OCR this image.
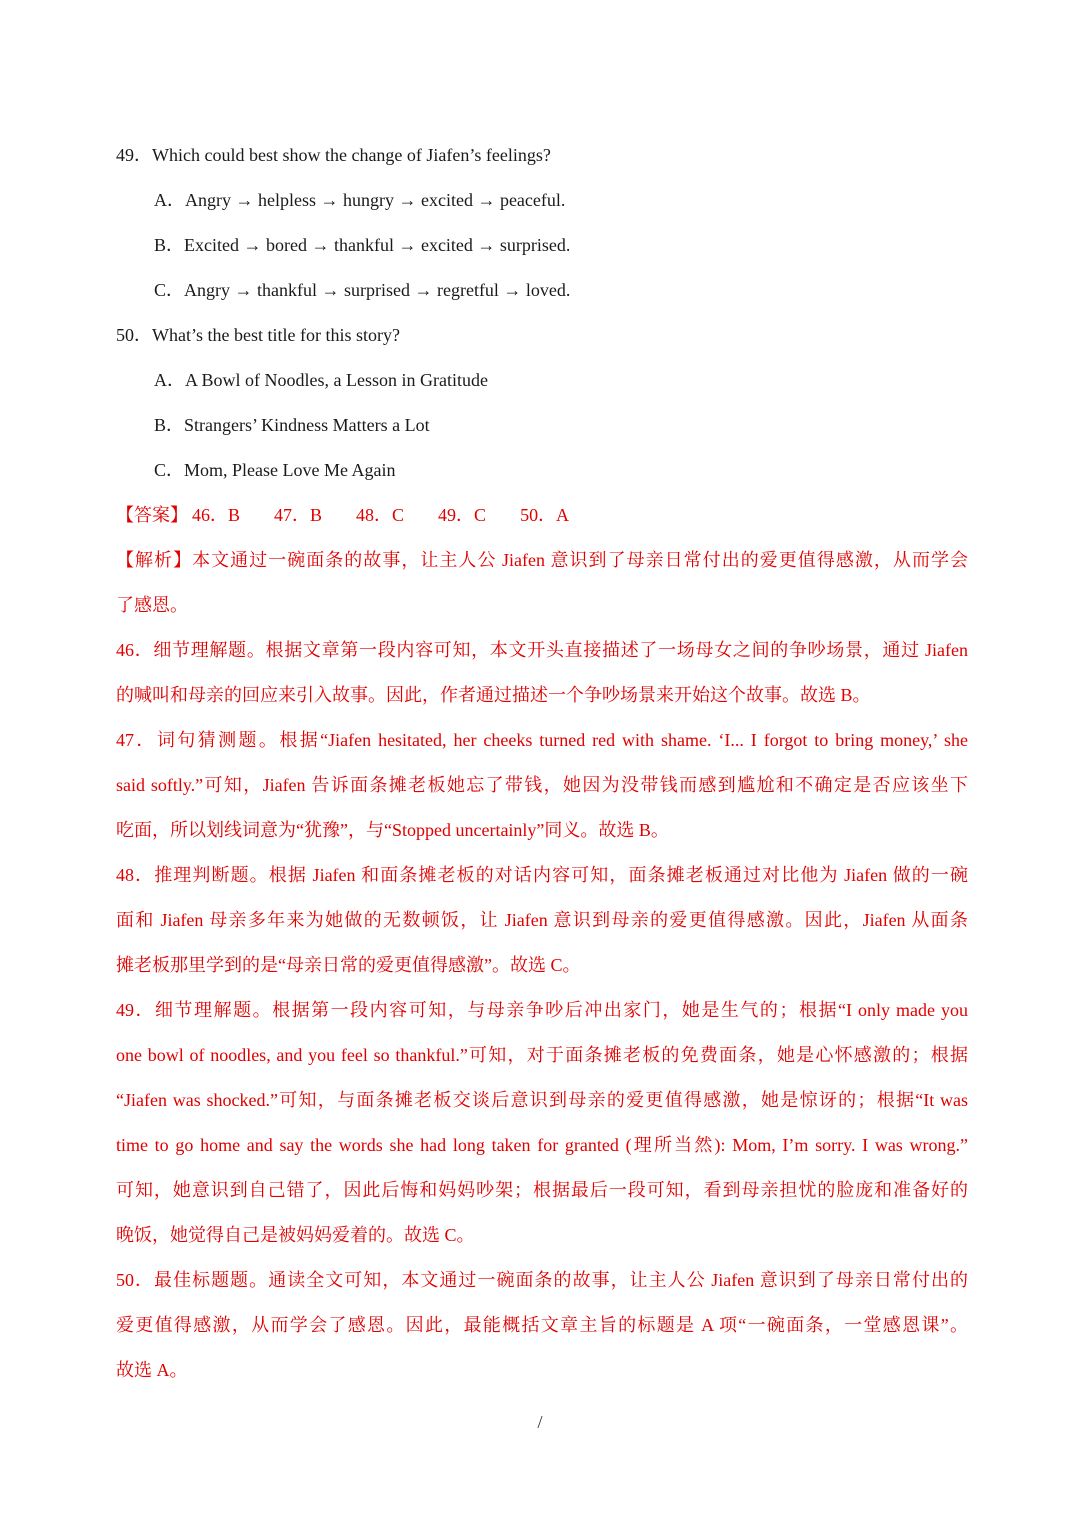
49．Which could best show the change of Jiafen’s feelings?
A．Angry → helpless → hungry → excited → peaceful.
B．Excited → bored → thankful → excited → surprised.
C．Angry → thankful → surprised → regretful → loved.
50．What’s the best title for this story?
A．A Bowl of Noodles, a Lesson in Gratitude
B．Strangers’ Kindness Matters a Lot
C．Mom, Please Love Me Again
【答案】 46．B 47．B 48．C 49．C 50．A
【解析】本文通过一碗面条的故事，让主人公 Jiafen 意识到了母亲日常付出的爱更值得感激，从而学会
了感恩。
46．细节理解题。根据文章第一段内容可知，本文开头直接描述了一场母女之间的争吵场景，通过 Jiafen
的喊叫和母亲的回应来引入故事。因此，作者通过描述一个争吵场景来开始这个故事。故选 B。
47．词句猜测题。根据“Jiafen hesitated, her cheeks turned red with shame. ‘I... I forgot to bring money,’ she
said softly.”可知，Jiafen 告诉面条摊老板她忘了带钱，她因为没带钱而感到尴尬和不确定是否应该坐下
吃面，所以划线词意为“犹豫”，与“Stopped uncertainly”同义。故选 B。
48．推理判断题。根据 Jiafen 和面条摊老板的对话内容可知，面条摊老板通过对比他为 Jiafen 做的一碗
面和 Jiafen 母亲多年来为她做的无数顿饭，让 Jiafen 意识到母亲的爱更值得感激。因此，Jiafen 从面条
摊老板那里学到的是“母亲日常的爱更值得感激”。故选 C。
49．细节理解题。根据第一段内容可知，与母亲争吵后冲出家门，她是生气的；根据“I only made you
one bowl of noodles, and you feel so thankful.”可知，对于面条摊老板的免费面条，她是心怀感激的；根据
“Jiafen was shocked.”可知，与面条摊老板交谈后意识到母亲的爱更值得感激，她是惊讶的；根据“It was
time to go home and say the words she had long taken for granted (理所当然): Mom, I’m sorry. I was wrong.”
可知，她意识到自己错了，因此后悔和妈妈吵架；根据最后一段可知，看到母亲担忧的脸庞和准备好的
晚饭，她觉得自己是被妈妈爱着的。故选 C。
50．最佳标题题。通读全文可知，本文通过一碗面条的故事，让主人公 Jiafen 意识到了母亲日常付出的
爱更值得感激，从而学会了感恩。因此，最能概括文章主旨的标题是 A 项“一碗面条，一堂感恩课”。
故选 A。
/
